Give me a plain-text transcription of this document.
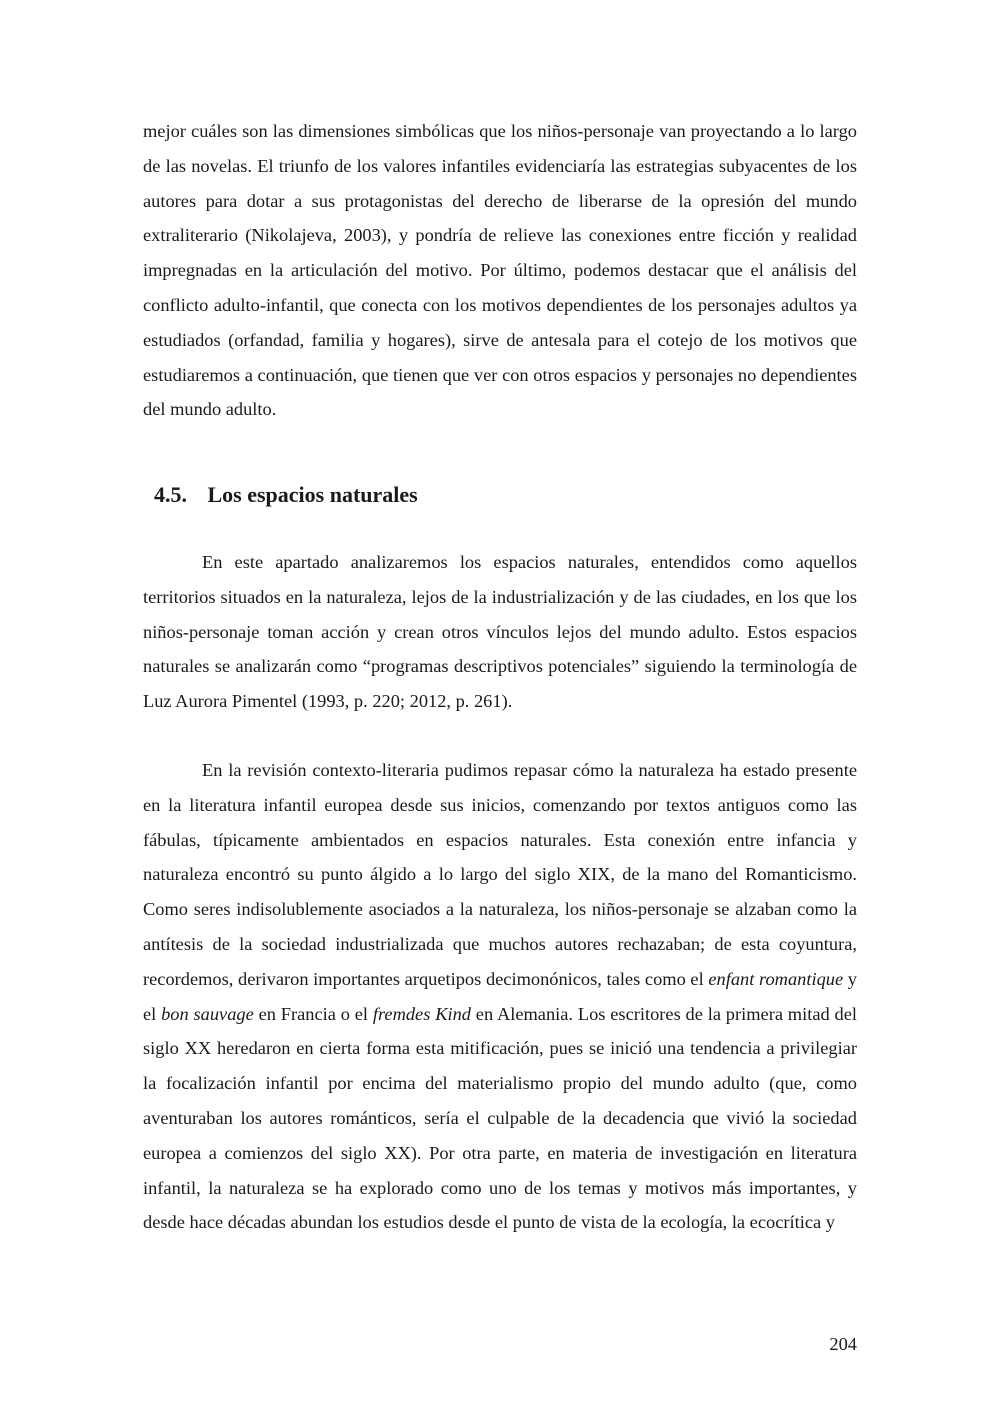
mejor cuáles son las dimensiones simbólicas que los niños-personaje van proyectando a lo largo de las novelas. El triunfo de los valores infantiles evidenciaría las estrategias subyacentes de los autores para dotar a sus protagonistas del derecho de liberarse de la opresión del mundo extraliterario (Nikolajeva, 2003), y pondría de relieve las conexiones entre ficción y realidad impregnadas en la articulación del motivo. Por último, podemos destacar que el análisis del conflicto adulto-infantil, que conecta con los motivos dependientes de los personajes adultos ya estudiados (orfandad, familia y hogares), sirve de antesala para el cotejo de los motivos que estudiaremos a continuación, que tienen que ver con otros espacios y personajes no dependientes del mundo adulto.

4.5. Los espacios naturales

En este apartado analizaremos los espacios naturales, entendidos como aquellos territorios situados en la naturaleza, lejos de la industrialización y de las ciudades, en los que los niños-personaje toman acción y crean otros vínculos lejos del mundo adulto. Estos espacios naturales se analizarán como “programas descriptivos potenciales” siguiendo la terminología de Luz Aurora Pimentel (1993, p. 220; 2012, p. 261).

En la revisión contexto-literaria pudimos repasar cómo la naturaleza ha estado presente en la literatura infantil europea desde sus inicios, comenzando por textos antiguos como las fábulas, típicamente ambientados en espacios naturales. Esta conexión entre infancia y naturaleza encontró su punto álgido a lo largo del siglo XIX, de la mano del Romanticismo. Como seres indisolublemente asociados a la naturaleza, los niños-personaje se alzaban como la antítesis de la sociedad industrializada que muchos autores rechazaban; de esta coyuntura, recordemos, derivaron importantes arquetipos decimonónicos, tales como el enfant romantique y el bon sauvage en Francia o el fremdes Kind en Alemania. Los escritores de la primera mitad del siglo XX heredaron en cierta forma esta mitificación, pues se inició una tendencia a privilegiar la focalización infantil por encima del materialismo propio del mundo adulto (que, como aventuraban los autores románticos, sería el culpable de la decadencia que vivió la sociedad europea a comienzos del siglo XX). Por otra parte, en materia de investigación en literatura infantil, la naturaleza se ha explorado como uno de los temas y motivos más importantes, y desde hace décadas abundan los estudios desde el punto de vista de la ecología, la ecocrítica y

204
